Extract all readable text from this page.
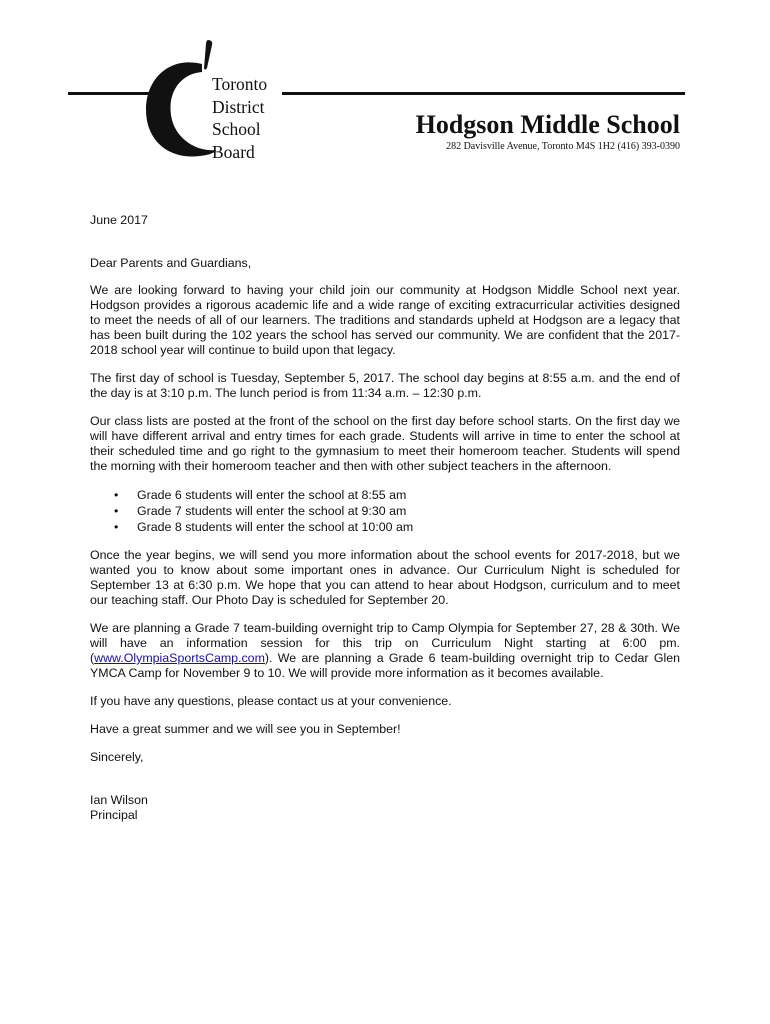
Toronto
District
School
Board
Hodgson Middle School
282 Davisville Avenue, Toronto M4S 1H2 (416) 393-0390

June 2017

Dear Parents and Guardians,

We are looking forward to having your child join our community at Hodgson Middle School next year. Hodgson provides a rigorous academic life and a wide range of exciting extracurricular activities designed to meet the needs of all of our learners. The traditions and standards upheld at Hodgson are a legacy that has been built during the 102 years the school has served our community. We are confident that the 2017-2018 school year will continue to build upon that legacy.

The first day of school is Tuesday, September 5, 2017. The school day begins at 8:55 a.m. and the end of the day is at 3:10 p.m. The lunch period is from 11:34 a.m. – 12:30 p.m.

Our class lists are posted at the front of the school on the first day before school starts. On the first day we will have different arrival and entry times for each grade. Students will arrive in time to enter the school at their scheduled time and go right to the gymnasium to meet their homeroom teacher. Students will spend the morning with their homeroom teacher and then with other subject teachers in the afternoon.

• Grade 6 students will enter the school at 8:55 am
• Grade 7 students will enter the school at 9:30 am
• Grade 8 students will enter the school at 10:00 am

Once the year begins, we will send you more information about the school events for 2017-2018, but we wanted you to know about some important ones in advance. Our Curriculum Night is scheduled for September 13 at 6:30 p.m. We hope that you can attend to hear about Hodgson, curriculum and to meet our teaching staff. Our Photo Day is scheduled for September 20.

We are planning a Grade 7 team-building overnight trip to Camp Olympia for September 27, 28 & 30th. We will have an information session for this trip on Curriculum Night starting at 6:00 pm. (www.OlympiaSportsCamp.com). We are planning a Grade 6 team-building overnight trip to Cedar Glen YMCA Camp for November 9 to 10. We will provide more information as it becomes available.

If you have any questions, please contact us at your convenience.

Have a great summer and we will see you in September!

Sincerely,

Ian Wilson

Principal
